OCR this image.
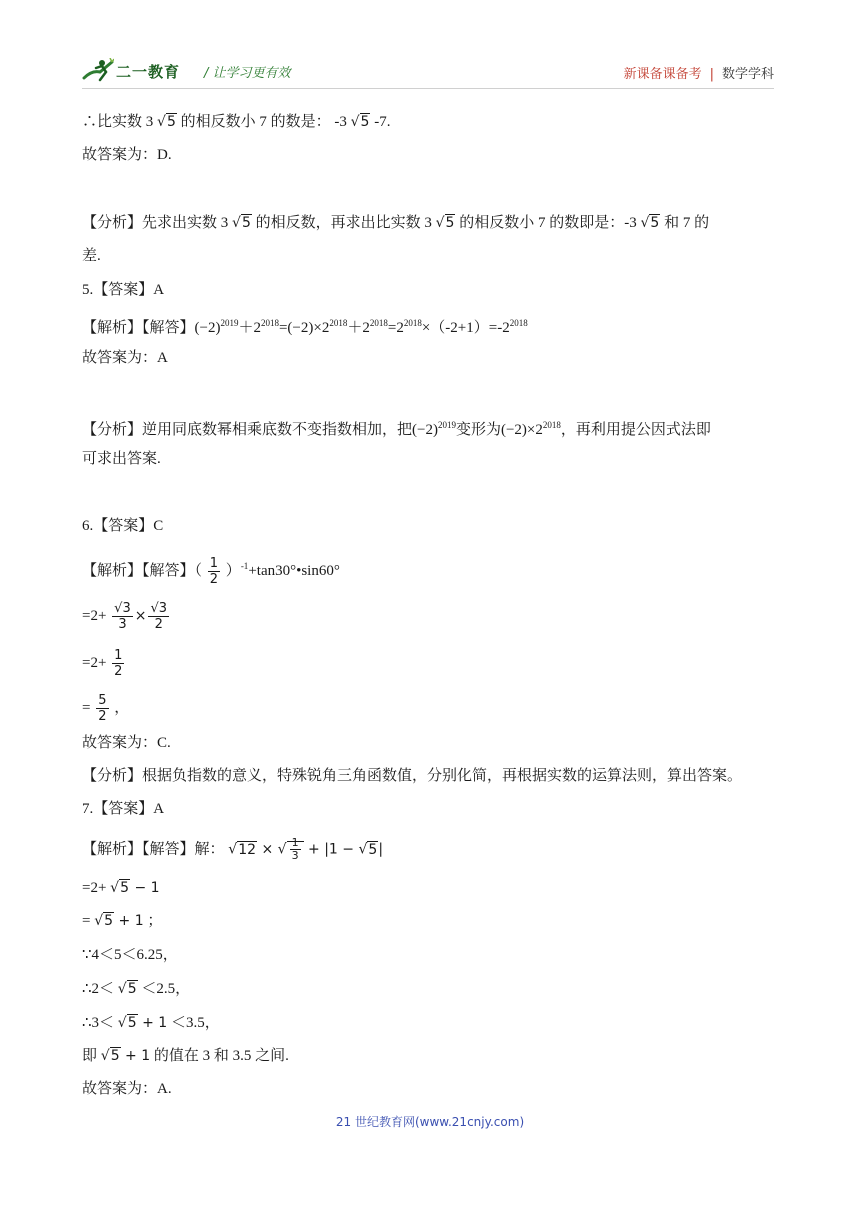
二一教育 / 让学习更有效	新课备课备考 | 数学学科
∴比实数 3 √5 的相反数小 7 的数是： -3 √5 -7.
故答案为：D.
【分析】先求出实数 3 √5 的相反数，再求出比实数 3 √5 的相反数小 7 的数即是：-3 √5 和 7 的
差.
5.【答案】A
【解析】【解答】$(-2)^{2019}+2^{2018}=(-2)\times 2^{2018}+2^{2018}=2^{2018}\times(-2+1)=-2^{2018}$
故答案为：A
【分析】逆用同底数幂相乘底数不变指数相加，把$(-2)^{2019}$变形为$(-2)\times 2^{2018}$，再利用提公因式法即
可求出答案.
6.【答案】C
【解析】【解答】（ $\frac{1}{2}$ ）$^{-1}$+tan30°•sin60°
$=2+ \frac{√3}{3} \times \frac{√3}{2}$
$=2+ \frac{1}{2}$
= $\frac{5}{2}$ ，
故答案为：C.
【分析】根据负指数的意义，特殊锐角三角函数值，分别化简，再根据实数的运算法则，算出答案。
7.【答案】A
【解析】【解答】解： √12 × √ $\frac{1}{3} + |1 - √5|$
=2+ √5 − 1
= √5 + 1 ；
∵4＜5＜6.25，
∴2＜ √5 ＜2.5，
∴3＜ √5 + 1 ＜3.5，
即 √5 + 1 的值在 3 和 3.5 之间.
故答案为：A.
21 世纪教育网(www.21cnjy.com)
